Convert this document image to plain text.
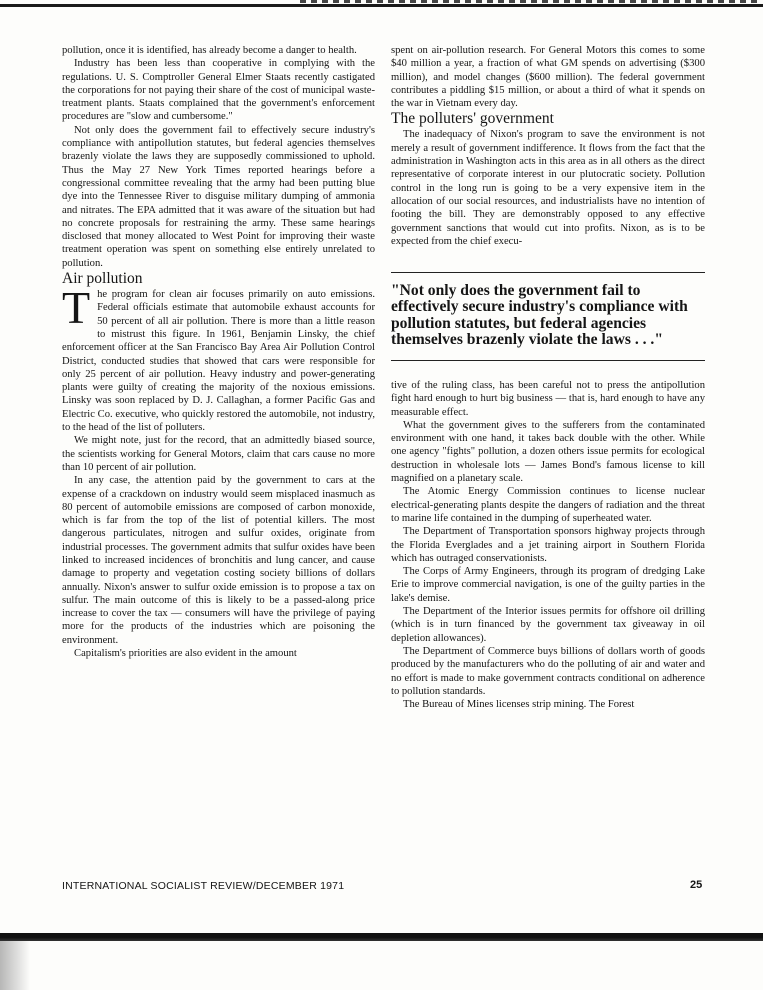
pollution, once it is identified, has already become a danger to health.

Industry has been less than cooperative in complying with the regulations. U. S. Comptroller General Elmer Staats recently castigated the corporations for not paying their share of the cost of municipal waste-treatment plants. Staats complained that the government's enforcement procedures are "slow and cumbersome."

Not only does the government fail to effectively secure industry's compliance with antipollution statutes, but federal agencies themselves brazenly violate the laws they are supposedly commissioned to uphold. Thus the May 27 New York Times reported hearings before a congressional committee revealing that the army had been putting blue dye into the Tennessee River to disguise military dumping of ammonia and nitrates. The EPA admitted that it was aware of the situation but had no concrete proposals for restraining the army. These same hearings disclosed that money allocated to West Point for improving their waste treatment operation was spent on something else entirely unrelated to pollution.

Air pollution

The program for clean air focuses primarily on auto emissions. Federal officials estimate that automobile exhaust accounts for 50 percent of all air pollution. There is more than a little reason to mistrust this figure. In 1961, Benjamin Linsky, the chief enforcement officer at the San Francisco Bay Area Air Pollution Control District, conducted studies that showed that cars were responsible for only 25 percent of air pollution. Heavy industry and power-generating plants were guilty of creating the majority of the noxious emissions. Linsky was soon replaced by D. J. Callaghan, a former Pacific Gas and Electric Co. executive, who quickly restored the automobile, not industry, to the head of the list of polluters.

We might note, just for the record, that an admittedly biased source, the scientists working for General Motors, claim that cars cause no more than 10 percent of air pollution.

In any case, the attention paid by the government to cars at the expense of a crackdown on industry would seem misplaced inasmuch as 80 percent of automobile emissions are composed of carbon monoxide, which is far from the top of the list of potential killers. The most dangerous particulates, nitrogen and sulfur oxides, originate from industrial processes. The government admits that sulfur oxides have been linked to increased incidences of bronchitis and lung cancer, and cause damage to property and vegetation costing society billions of dollars annually. Nixon's answer to sulfur oxide emission is to propose a tax on sulfur. The main outcome of this is likely to be a passed-along price increase to cover the tax — consumers will have the privilege of paying more for the products of the industries which are poisoning the environment.

Capitalism's priorities are also evident in the amount

spent on air-pollution research. For General Motors this comes to some $40 million a year, a fraction of what GM spends on advertising ($300 million), and model changes ($600 million). The federal government contributes a piddling $15 million, or about a third of what it spends on the war in Vietnam every day.

The polluters' government

The inadequacy of Nixon's program to save the environment is not merely a result of government indifference. It flows from the fact that the administration in Washington acts in this area as in all others as the direct representative of corporate interest in our plutocratic society. Pollution control in the long run is going to be a very expensive item in the allocation of our social resources, and industrialists have no intention of footing the bill. They are demonstrably opposed to any effective government sanctions that would cut into profits. Nixon, as is to be expected from the chief execu-

"Not only does the government fail to effectively secure industry's compliance with pollution statutes, but federal agencies themselves brazenly violate the laws . . ."

tive of the ruling class, has been careful not to press the antipollution fight hard enough to hurt big business — that is, hard enough to have any measurable effect.

What the government gives to the sufferers from the contaminated environment with one hand, it takes back double with the other. While one agency "fights" pollution, a dozen others issue permits for ecological destruction in wholesale lots — James Bond's famous license to kill magnified on a planetary scale.

The Atomic Energy Commission continues to license nuclear electrical-generating plants despite the dangers of radiation and the threat to marine life contained in the dumping of superheated water.

The Department of Transportation sponsors highway projects through the Florida Everglades and a jet training airport in Southern Florida which has outraged conservationists.

The Corps of Army Engineers, through its program of dredging Lake Erie to improve commercial navigation, is one of the guilty parties in the lake's demise.

The Department of the Interior issues permits for offshore oil drilling (which is in turn financed by the government tax giveaway in oil depletion allowances).

The Department of Commerce buys billions of dollars worth of goods produced by the manufacturers who do the polluting of air and water and no effort is made to make government contracts conditional on adherence to pollution standards.

The Bureau of Mines licenses strip mining. The Forest

INTERNATIONAL SOCIALIST REVIEW/DECEMBER 1971	25
